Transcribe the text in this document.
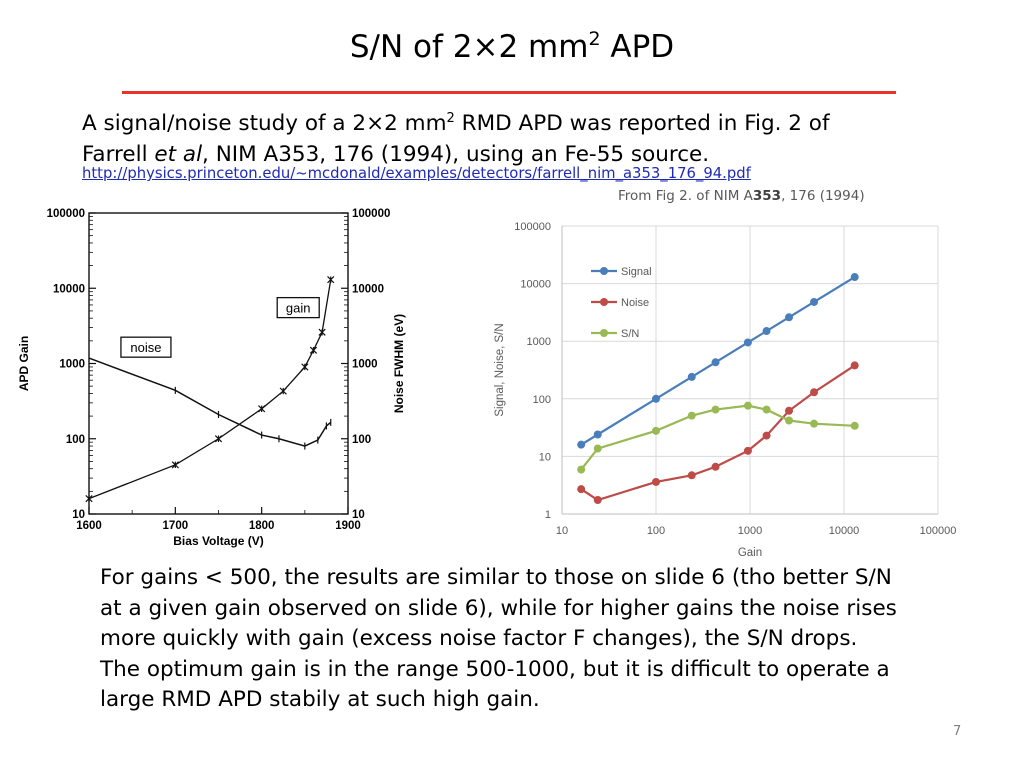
S/N of 2×2 $mm^2$ APD
A signal/noise study of a 2×2 $mm^2$ RMD APD was reported in Fig. 2 of
Farrell et al, NIM A353, 176 (1994), using an Fe-55 source.
http://physics.princeton.edu/~mcdonald/examples/detectors/farrell_nim_a353_176_94.pdf
From Fig 2. of NIM A353, 176 (1994)
10	10
100	100
1000	1000
10000	10000
100000	100000
1600	1700	1800	1900
Bias Voltage (V)
APD Gain	Noise FWHM (eV)
gain
noise
1
10
100
1000
10000
100000
10	100	1000	10000	100000
Gain
Signal, Noise, S/N
Signal
Noise
S/N

For gains < 500, the results are similar to those on slide 6 (tho better S/N at a given gain observed on slide 6), while for higher gains the noise rises more quickly with gain (excess noise factor F changes), the S/N drops.

The optimum gain is in the range 500-1000, but it is difficult to operate a large RMD APD stabily at such high gain.

7
